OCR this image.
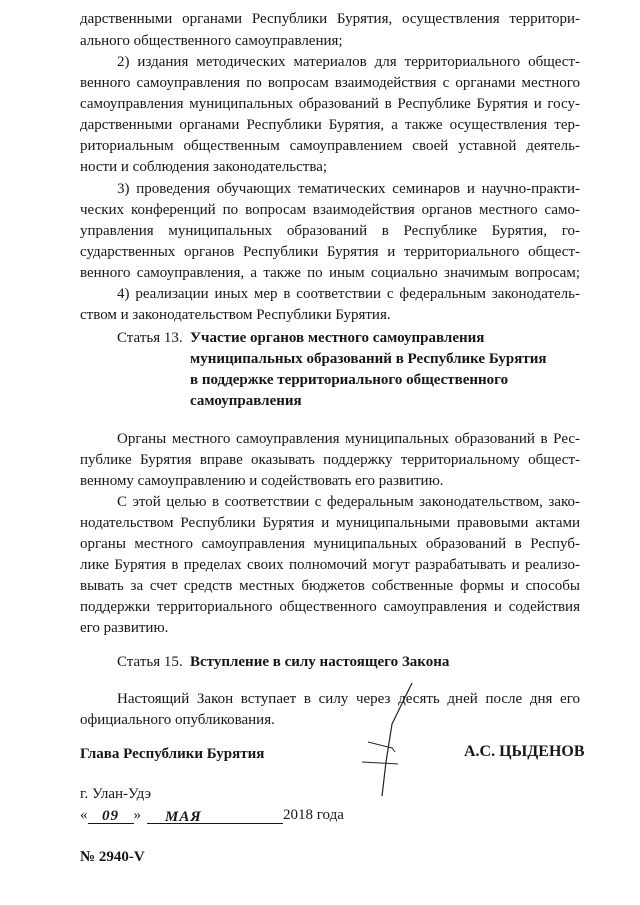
дарственными органами Республики Бурятия, осуществления территори-
ального общественного самоуправления;
2) издания методических материалов для территориального общест-
венного самоуправления по вопросам взаимодействия с органами местного
самоуправления муниципальных образований в Республике Бурятия и госу-
дарственными органами Республики Бурятия, а также осуществления тер-
риториальным общественным самоуправлением своей уставной деятель-
ности и соблюдения законодательства;
3) проведения обучающих тематических семинаров и научно-практи-
ческих конференций по вопросам взаимодействия органов местного само-
управления муниципальных образований в Республике Бурятия, го-
сударственных органов Республики Бурятия и территориального общест-
венного самоуправления, а также по иным социально значимым вопросам;
4) реализации иных мер в соответствии с федеральным законодатель-
ством и законодательством Республики Бурятия.
Статья 13. Участие органов местного самоуправления
муниципальных образований в Республике Бурятия
в поддержке территориального общественного
самоуправления
Органы местного самоуправления муниципальных образований в Рес-
публике Бурятия вправе оказывать поддержку территориальному общест-
венному самоуправлению и содействовать его развитию.
С этой целью в соответствии с федеральным законодательством, зако-
нодательством Республики Бурятия и муниципальными правовыми актами
органы местного самоуправления муниципальных образований в Респуб-
лике Бурятия в пределах своих полномочий могут разрабатывать и реализо-
вывать за счет средств местных бюджетов собственные формы и способы
поддержки территориального общественного самоуправления и содействия
его развитию.
Статья 15. Вступление в силу настоящего Закона
Настоящий Закон вступает в силу через десять дней после дня его
официального опубликования.
Глава Республики Бурятия	А.С. ЦЫДЕНОВ
г. Улан-Удэ
« 09 » МАЯ	2018 года
№ 2940-V
